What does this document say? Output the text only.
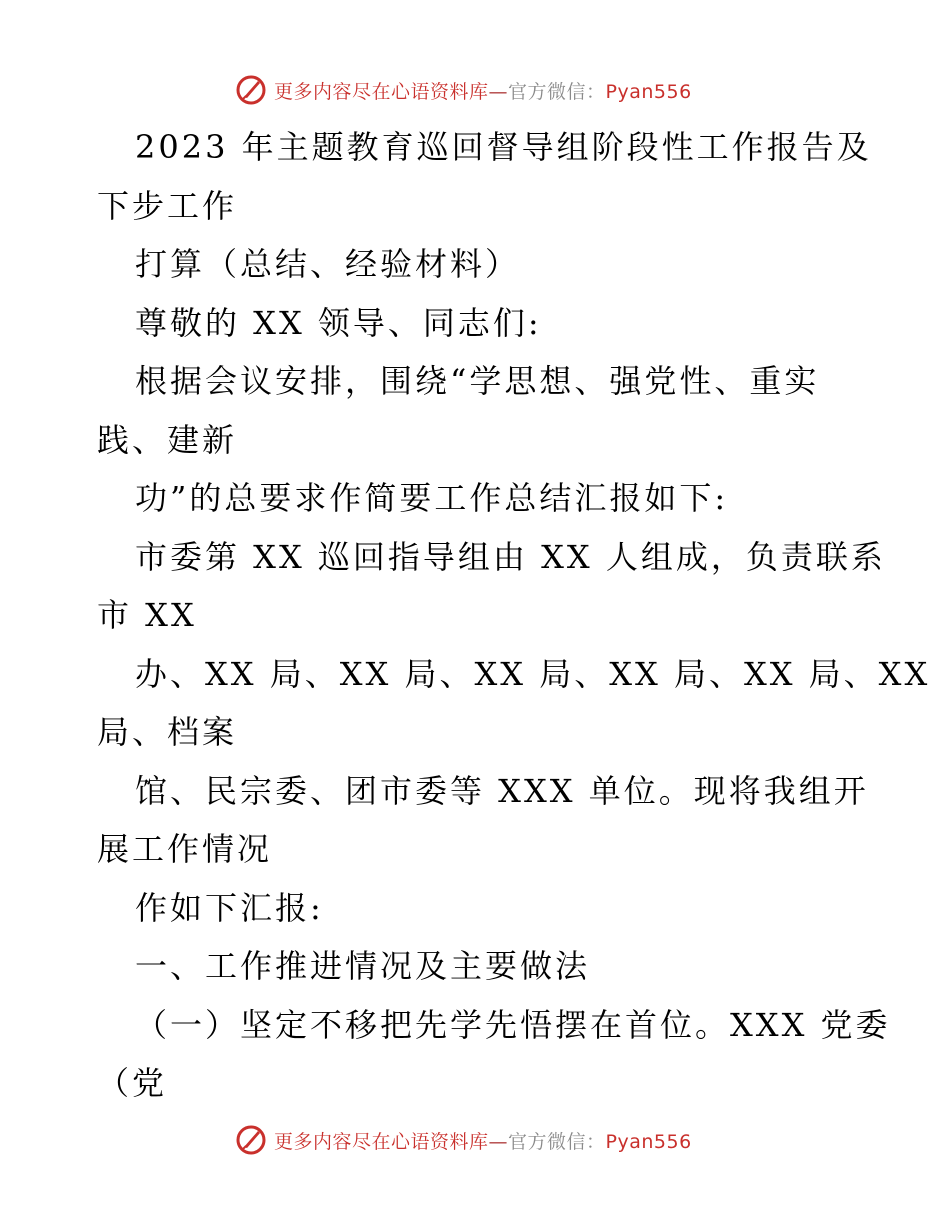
更多内容尽在心语资料库—官方微信：Pyan556
2023 年主题教育巡回督导组阶段性工作报告及
下步工作
打算（总结、经验材料）
尊敬的 XX 领导、同志们:
根据会议安排，围绕“学思想、强党性、重实
践、建新
功”的总要求作简要工作总结汇报如下:
市委第 XX 巡回指导组由 XX 人组成，负责联系
市 XX
办、XX 局、XX 局、XX 局、XX 局、XX 局、XX
局、档案
馆、民宗委、团市委等 XXX 单位。现将我组开
展工作情况
作如下汇报:
一、工作推进情况及主要做法
（一）坚定不移把先学先悟摆在首位。XXX 党委
（党
更多内容尽在心语资料库—官方微信：Pyan556
